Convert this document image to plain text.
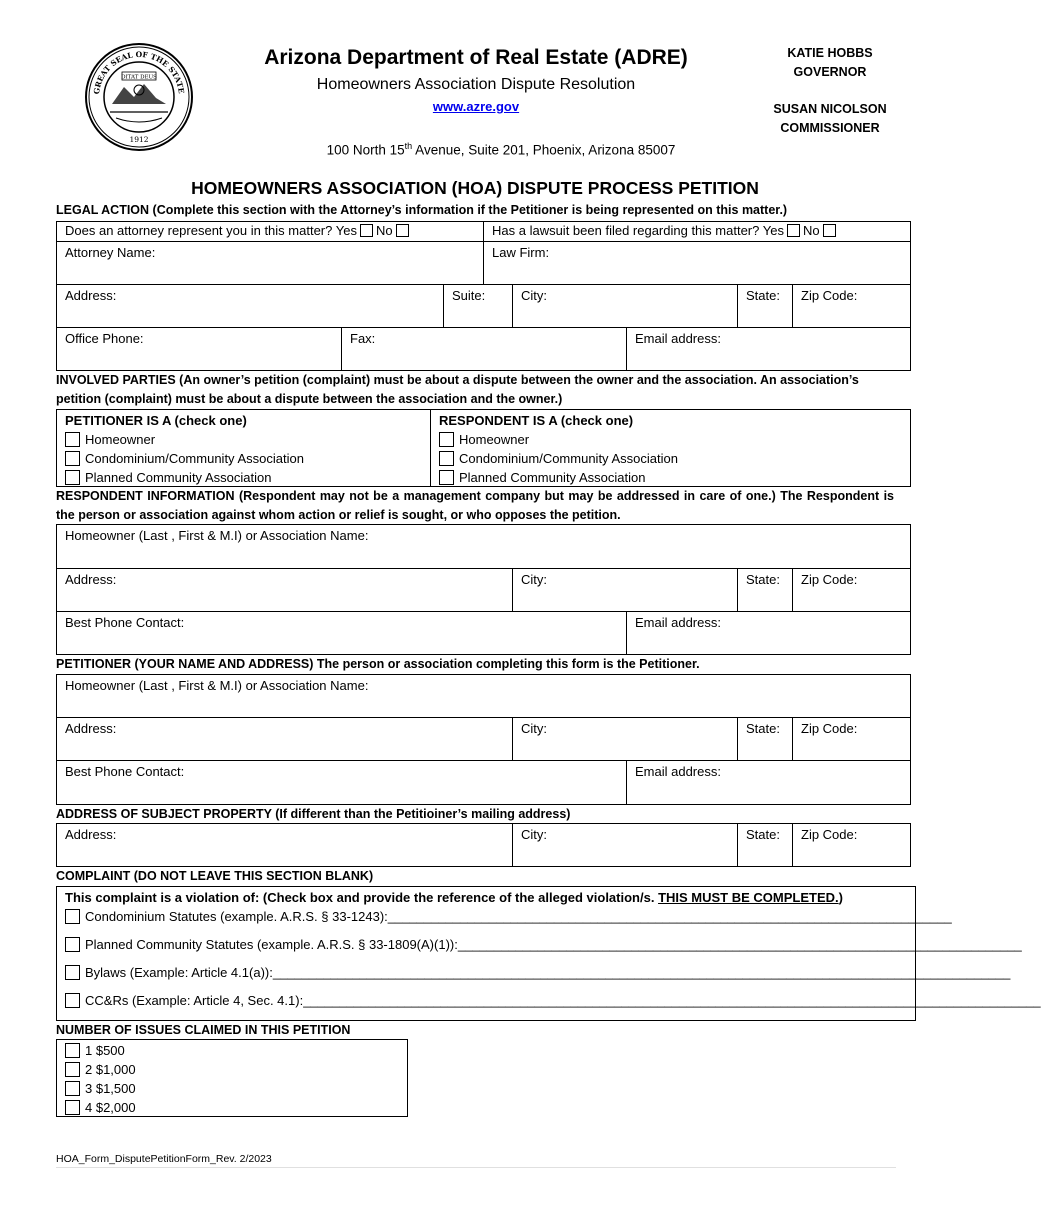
GREAT SEAL OF THE STATE
DITAT DEUS
1912
Arizona Department of Real Estate (ADRE)
Homeowners Association Dispute Resolution
www.azre.gov
100 North 15th Avenue, Suite 201, Phoenix, Arizona 85007
KATIE HOBBS
GOVERNOR
SUSAN NICOLSON
COMMISSIONER
HOMEOWNERS ASSOCIATION (HOA) DISPUTE PROCESS PETITION
LEGAL ACTION (Complete this section with the Attorney’s information if the Petitioner is being represented on this matter.)
Does an attorney represent you in this matter? Yes No	Has a lawsuit been filed regarding this matter? Yes No
Attorney Name:	Law Firm:
Address:	Suite:	City:	State:	Zip Code:
Office Phone:	Fax:	Email address:
INVOLVED PARTIES (An owner’s petition (complaint) must be about a dispute between the owner and the association. An association’s petition (complaint) must be about a dispute between the association and the owner.)
PETITIONER IS A (check one)
Homeowner
Condominium/Community Association
Planned Community Association
RESPONDENT IS A (check one)
Homeowner
Condominium/Community Association
Planned Community Association
RESPONDENT INFORMATION (Respondent may not be a management company but may be addressed in care of one.) The Respondent is the person or association against whom action or relief is sought, or who opposes the petition.
Homeowner (Last , First & M.I) or Association Name:
Address:	City:	State:	Zip Code:
Best Phone Contact:	Email address:
PETITIONER (YOUR NAME AND ADDRESS) The person or association completing this form is the Petitioner.
Homeowner (Last , First & M.I) or Association Name:
Address:	City:	State:	Zip Code:
Best Phone Contact:	Email address:
ADDRESS OF SUBJECT PROPERTY (If different than the Petitioiner’s mailing address)
Address:	City:	State:	Zip Code:
COMPLAINT (DO NOT LEAVE THIS SECTION BLANK)
This complaint is a violation of: (Check box and provide the reference of the alleged violation/s. THIS MUST BE COMPLETED.)
Condominium Statutes (example. A.R.S. § 33-1243):______________________________________________________________________________
Planned Community Statutes (example. A.R.S. § 33-1809(A)(1)):______________________________________________________________________________
Bylaws (Example: Article 4.1(a)):______________________________________________________________________________________________________
CC&Rs (Example: Article 4, Sec. 4.1):______________________________________________________________________________________________________
NUMBER OF ISSUES CLAIMED IN THIS PETITION
1 $500
2 $1,000
3 $1,500
4 $2,000
HOA_Form_DisputePetitionForm_Rev. 2/2023
